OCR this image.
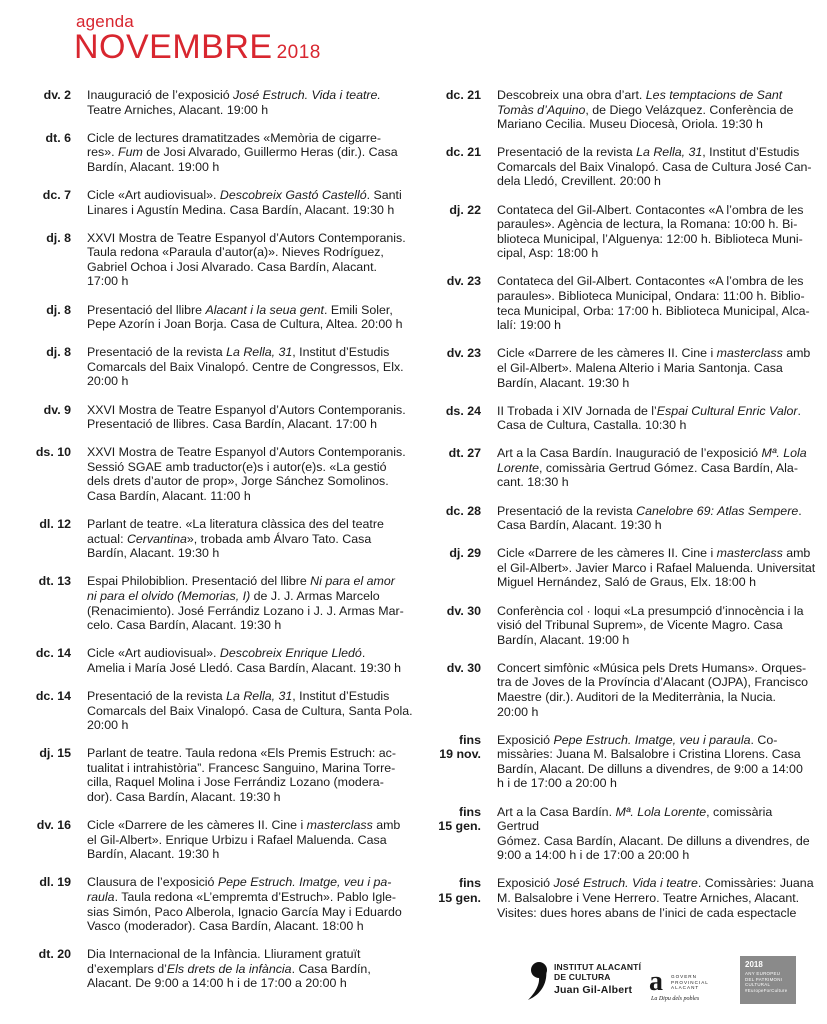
agenda
NOVEMBRE 2018
dv. 2 Inauguració de l’exposició José Estruch. Vida i teatre.
Teatre Arniches, Alacant. 19:00 h
dt. 6 Cicle de lectures dramatitzades «Memòria de cigarre-
res». Fum de Josi Alvarado, Guillermo Heras (dir.). Casa
Bardín, Alacant. 19:00 h
dc. 7 Cicle «Art audiovisual». Descobreix Gastó Castelló. Santi
Linares i Agustín Medina. Casa Bardín, Alacant. 19:30 h
dj. 8 XXVI Mostra de Teatre Espanyol d’Autors Contemporanis.
Taula redona «Paraula d’autor(a)». Nieves Rodríguez,
Gabriel Ochoa i Josi Alvarado. Casa Bardín, Alacant.
17:00 h
dj. 8 Presentació del llibre Alacant i la seua gent. Emili Soler,
Pepe Azorín i Joan Borja. Casa de Cultura, Altea. 20:00 h
dj. 8 Presentació de la revista La Rella, 31, Institut d’Estudis
Comarcals del Baix Vinalopó. Centre de Congressos, Elx.
20:00 h
dv. 9 XXVI Mostra de Teatre Espanyol d’Autors Contemporanis.
Presentació de llibres. Casa Bardín, Alacant. 17:00 h
ds. 10 XXVI Mostra de Teatre Espanyol d’Autors Contemporanis.
Sessió SGAE amb traductor(e)s i autor(e)s. «La gestió
dels drets d’autor de prop», Jorge Sánchez Somolinos.
Casa Bardín, Alacant. 11:00 h
dl. 12 Parlant de teatre. «La literatura clàssica des del teatre
actual: Cervantina», trobada amb Álvaro Tato. Casa
Bardín, Alacant. 19:30 h
dt. 13 Espai Philobiblion. Presentació del llibre Ni para el amor
ni para el olvido (Memorias, I) de J. J. Armas Marcelo
(Renacimiento). José Ferrándiz Lozano i J. J. Armas Mar-
celo. Casa Bardín, Alacant. 19:30 h
dc. 14 Cicle «Art audiovisual». Descobreix Enrique Lledó.
Amelia i María José Lledó. Casa Bardín, Alacant. 19:30 h
dc. 14 Presentació de la revista La Rella, 31, Institut d’Estudis
Comarcals del Baix Vinalopó. Casa de Cultura, Santa Pola.
20:00 h
dj. 15 Parlant de teatre. Taula redona «Els Premis Estruch: ac-
tualitat i intrahistòria”. Francesc Sanguino, Marina Torre-
cilla, Raquel Molina i Jose Ferrándiz Lozano (modera-
dor). Casa Bardín, Alacant. 19:30 h
dv. 16 Cicle «Darrere de les càmeres II. Cine i masterclass amb
el Gil-Albert». Enrique Urbizu i Rafael Maluenda. Casa
Bardín, Alacant. 19:30 h
dl. 19 Clausura de l’exposició Pepe Estruch. Imatge, veu i pa-
raula. Taula redona «L’empremta d’Estruch». Pablo Igle-
sias Simón, Paco Alberola, Ignacio García May i Eduardo
Vasco (moderador). Casa Bardín, Alacant. 18:00 h
dt. 20 Dia Internacional de la Infància. Lliurament gratuït
d’exemplars d’Els drets de la infància. Casa Bardín,
Alacant. De 9:00 a 14:00 h i de 17:00 a 20:00 h
dc. 21 Descobreix una obra d’art. Les temptacions de Sant
Tomàs d’Aquino, de Diego Velázquez. Conferència de
Mariano Cecilia. Museu Diocesà, Oriola. 19:30 h
dc. 21 Presentació de la revista La Rella, 31, Institut d’Estudis
Comarcals del Baix Vinalopó. Casa de Cultura José Can-
dela Lledó, Crevillent. 20:00 h
dj. 22 Contateca del Gil-Albert. Contacontes «A l’ombra de les
paraules». Agència de lectura, la Romana: 10:00 h. Bi-
blioteca Municipal, l’Alguenya: 12:00 h. Biblioteca Muni-
cipal, Asp: 18:00 h
dv. 23 Contateca del Gil-Albert. Contacontes «A l’ombra de les
paraules». Biblioteca Municipal, Ondara: 11:00 h. Biblio-
teca Municipal, Orba: 17:00 h. Biblioteca Municipal, Alca-
lalí: 19:00 h
dv. 23 Cicle «Darrere de les càmeres II. Cine i masterclass amb
el Gil-Albert». Malena Alterio i Maria Santonja. Casa
Bardín, Alacant. 19:30 h
ds. 24 II Trobada i XIV Jornada de l’Espai Cultural Enric Valor.
Casa de Cultura, Castalla. 10:30 h
dt. 27 Art a la Casa Bardín. Inauguració de l’exposició Mª. Lola
Lorente, comissària Gertrud Gómez. Casa Bardín, Ala-
cant. 18:30 h
dc. 28 Presentació de la revista Canelobre 69: Atlas Sempere.
Casa Bardín, Alacant. 19:30 h
dj. 29 Cicle «Darrere de les càmeres II. Cine i masterclass amb
el Gil-Albert». Javier Marco i Rafael Maluenda. Universitat
Miguel Hernández, Saló de Graus, Elx. 18:00 h
dv. 30 Conferència col · loqui «La presumpció d’innocència i la
visió del Tribunal Suprem», de Vicente Magro. Casa
Bardín, Alacant. 19:00 h
dv. 30 Concert simfònic «Música pels Drets Humans». Orques-
tra de Joves de la Província d’Alacant (OJPA), Francisco
Maestre (dir.). Auditori de la Mediterrània, la Nucia.
20:00 h
fins
19 nov.
Exposició Pepe Estruch. Imatge, veu i paraula. Co-
missàries: Juana M. Balsalobre i Cristina Llorens. Casa
Bardín, Alacant. De dilluns a divendres, de 9:00 a 14:00
h i de 17:00 a 20:00 h
fins
15 gen.
Art a la Casa Bardín. Mª. Lola Lorente, comissària Gertrud
Gómez. Casa Bardín, Alacant. De dilluns a divendres, de
9:00 a 14:00 h i de 17:00 a 20:00 h
fins
15 gen.
Exposició José Estruch. Vida i teatre. Comissàries: Juana
M. Balsalobre i Vene Herrero. Teatre Arniches, Alacant.
Visites: dues hores abans de l’inici de cada espectacle
INSTITUT ALACANTÍ
DE CULTURA
Juan Gil-Albert a GOVERN
PROVINCIAL
ALACANT
La Dipu dels pobles
2018
ANY EUROPEU
DEL PATRIMONI
CULTURAL
#EuropeForCulture
